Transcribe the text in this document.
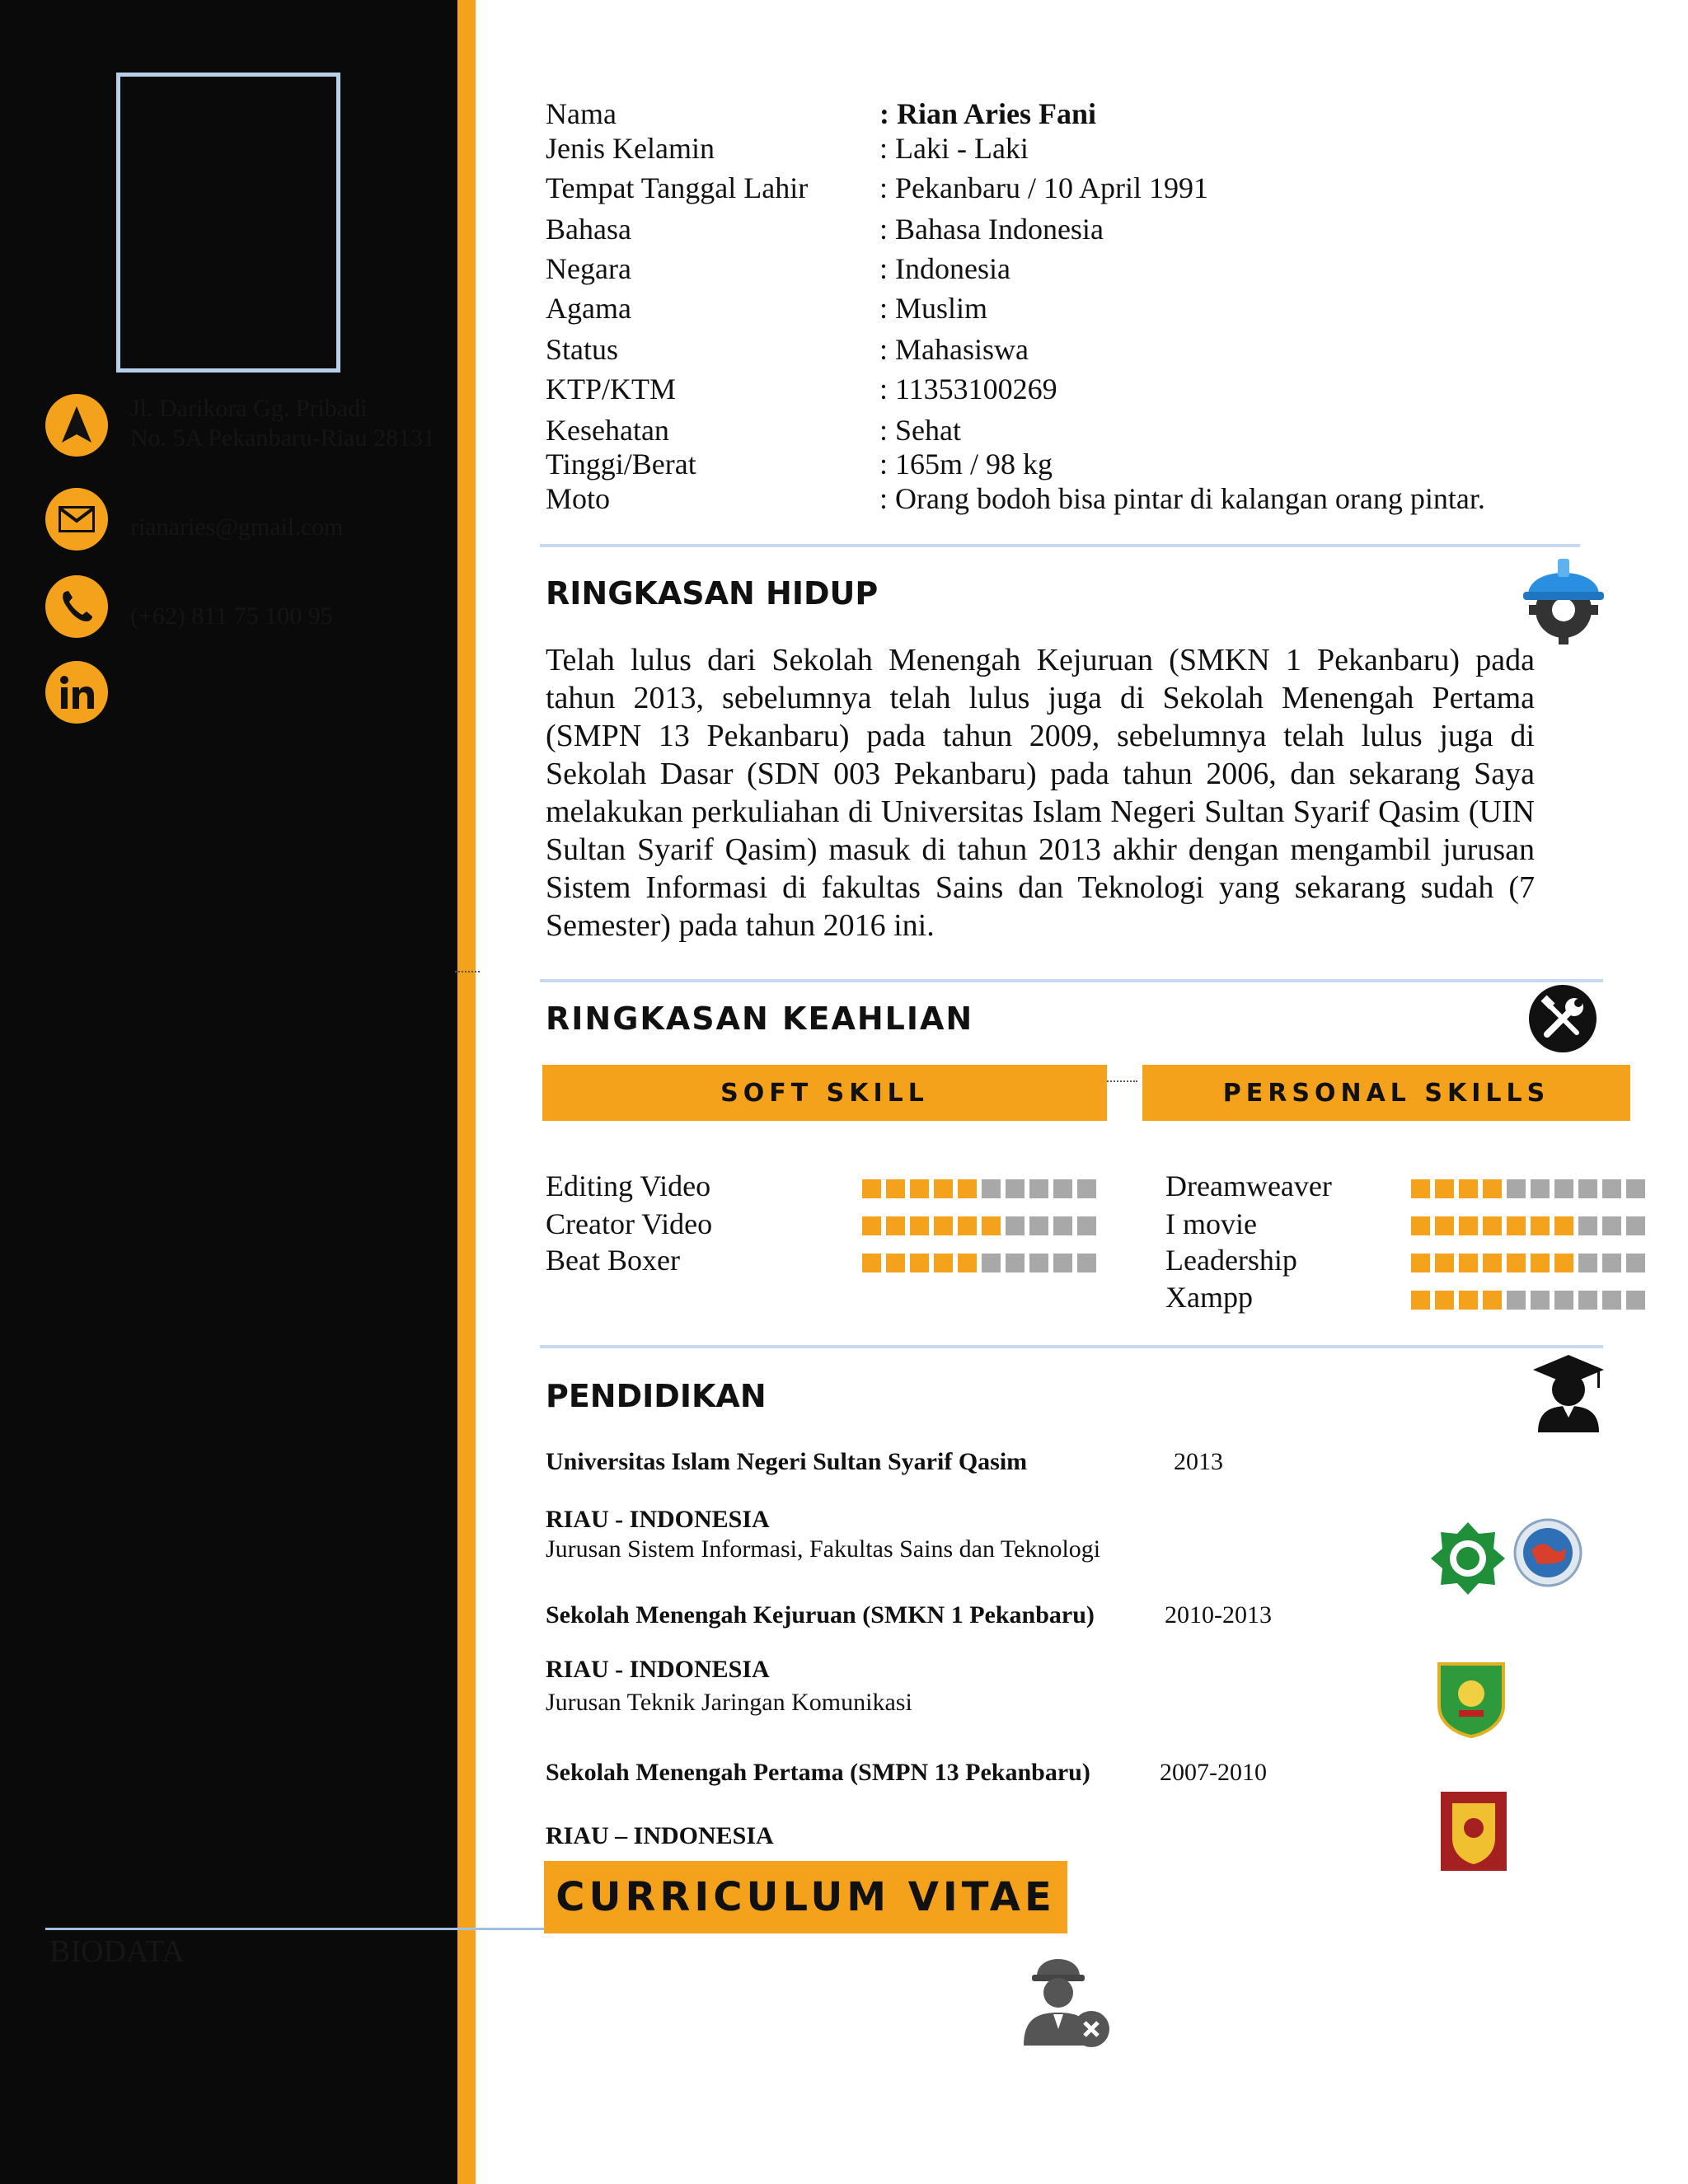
Jl. Darikora Gg. Pribadi
No. 5A Pekanbaru-Riau 28131
rianaries@gmail.com
(+62) 811 75 100 95
BIODATA
Nama	: Rian Aries Fani
Jenis Kelamin	: Laki - Laki
Tempat Tanggal Lahir : Pekanbaru / 10 April 1991
Bahasa	: Bahasa Indonesia
Negara	: Indonesia
Agama	: Muslim
Status	: Mahasiswa
KTP/KTM	: 11353100269
Kesehatan	: Sehat
Tinggi/Berat	: 165m / 98 kg
Moto	: Orang bodoh bisa pintar di kalangan orang pintar.
RINGKASAN HIDUP
Telah lulus dari Sekolah Menengah Kejuruan (SMKN 1 Pekanbaru) pada tahun 2013, sebelumnya telah lulus juga di Sekolah Menengah Pertama (SMPN 13 Pekanbaru) pada tahun 2009, sebelumnya telah lulus juga di Sekolah Dasar (SDN 003 Pekanbaru) pada tahun 2006, dan sekarang Saya melakukan perkuliahan di Universitas Islam Negeri Sultan Syarif Qasim (UIN Sultan Syarif Qasim) masuk di tahun 2013 akhir dengan mengambil jurusan Sistem Informasi di fakultas Sains dan Teknologi yang sekarang sudah (7 Semester) pada tahun 2016 ini.
RINGKASAN KEAHLIAN
SOFT SKILL	PERSONAL SKILLS
Editing Video
Creator Video
Beat Boxer
Dreamweaver
I movie
Leadership
Xampp
PENDIDIKAN
Universitas Islam Negeri Sultan Syarif Qasim	2013
RIAU - INDONESIA
Jurusan Sistem Informasi, Fakultas Sains dan Teknologi
Sekolah Menengah Kejuruan (SMKN 1 Pekanbaru)	2010-2013
RIAU - INDONESIA
Jurusan Teknik Jaringan Komunikasi
Sekolah Menengah Pertama (SMPN 13 Pekanbaru)	2007-2010
RIAU – INDONESIA
CURRICULUM VITAE
